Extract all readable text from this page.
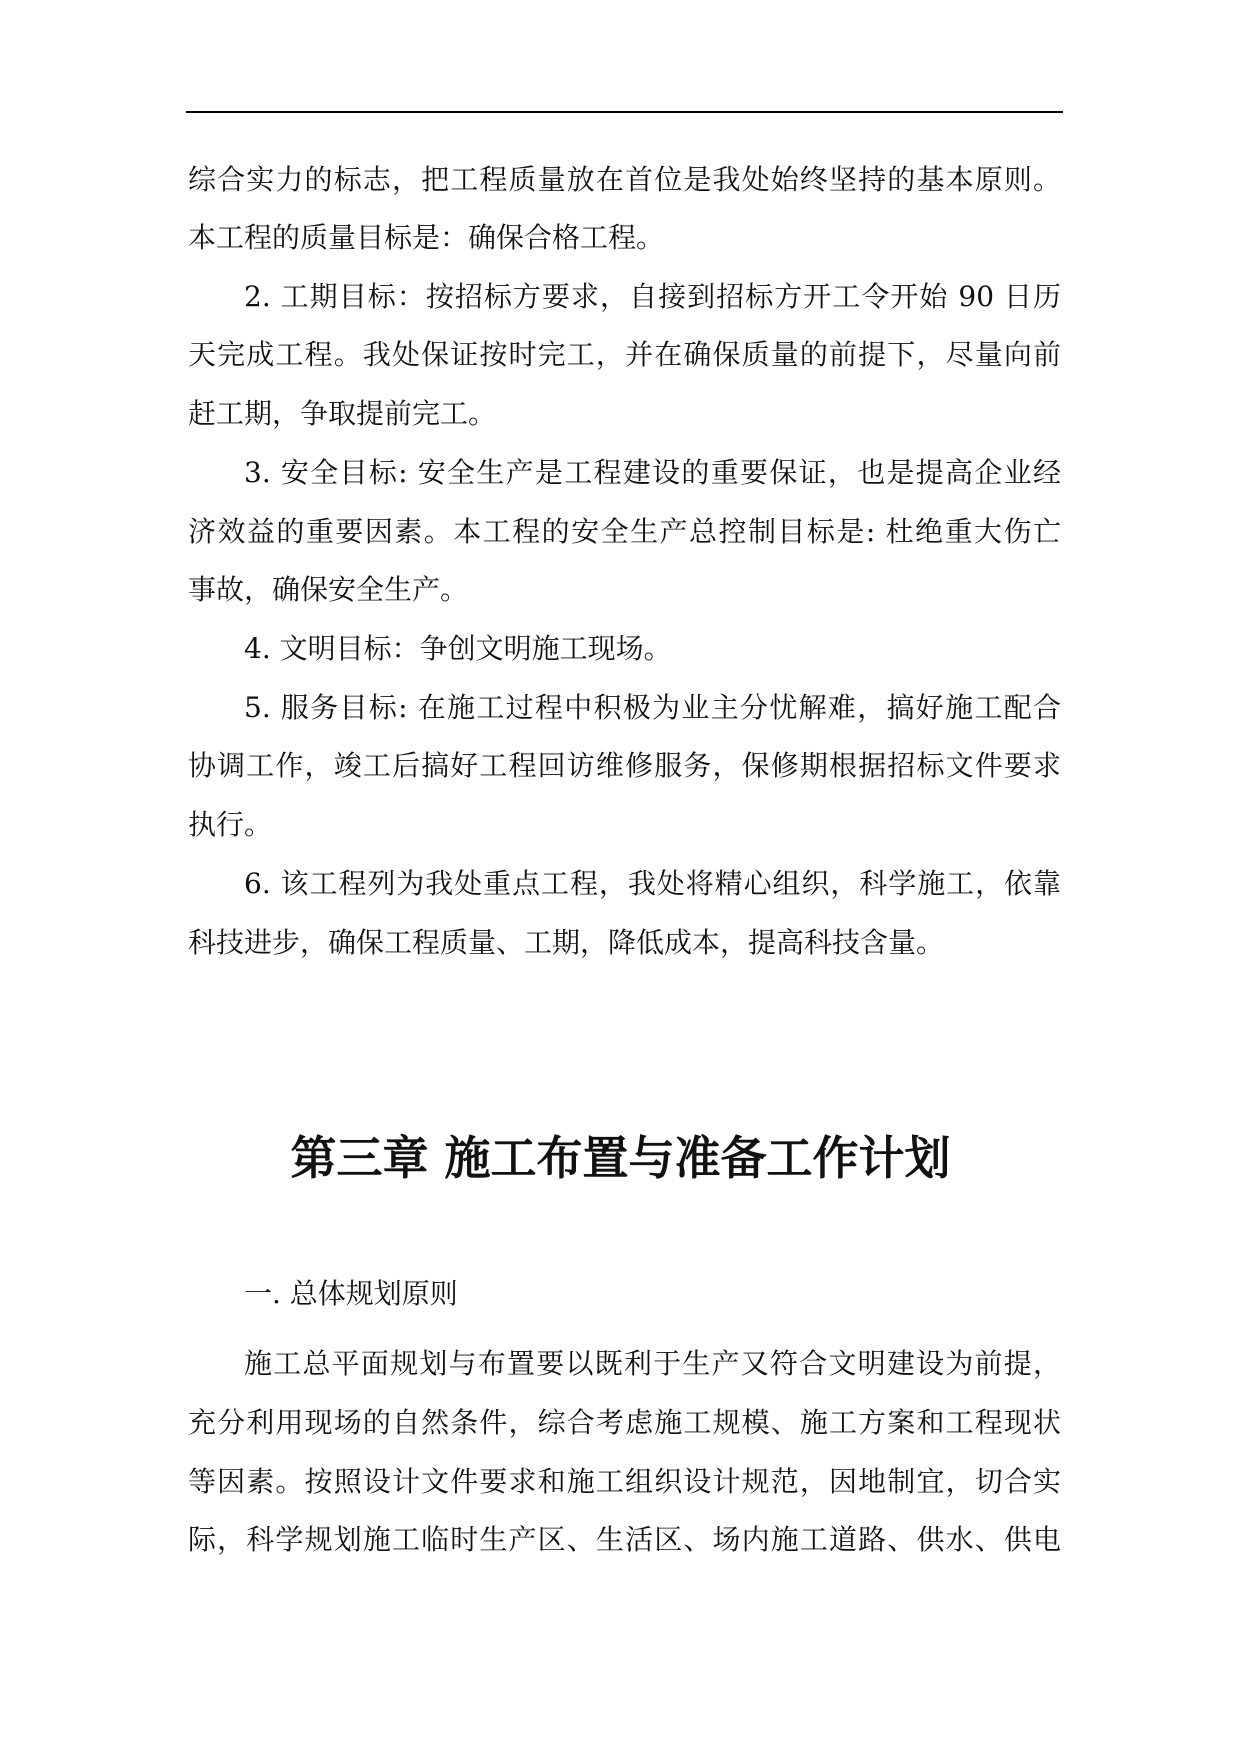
综合实力的标志，把工程质量放在首位是我处始终坚持的基本原则。
本工程的质量目标是：确保合格工程。
2. 工期目标：按招标方要求，自接到招标方开工令开始 90 日历
天完成工程。我处保证按时完工，并在确保质量的前提下，尽量向前
赶工期，争取提前完工。
3. 安全目标: 安全生产是工程建设的重要保证，也是提高企业经
济效益的重要因素。本工程的安全生产总控制目标是: 杜绝重大伤亡
事故，确保安全生产。
4. 文明目标：争创文明施工现场。
5. 服务目标: 在施工过程中积极为业主分忧解难，搞好施工配合
协调工作，竣工后搞好工程回访维修服务，保修期根据招标文件要求
执行。
6. 该工程列为我处重点工程，我处将精心组织，科学施工，依靠
科技进步，确保工程质量、工期，降低成本，提高科技含量。
第三章 施工布置与准备工作计划
一. 总体规划原则
施工总平面规划与布置要以既利于生产又符合文明建设为前提，
充分利用现场的自然条件，综合考虑施工规模、施工方案和工程现状
等因素。按照设计文件要求和施工组织设计规范，因地制宜，切合实
际，科学规划施工临时生产区、生活区、场内施工道路、供水、供电
